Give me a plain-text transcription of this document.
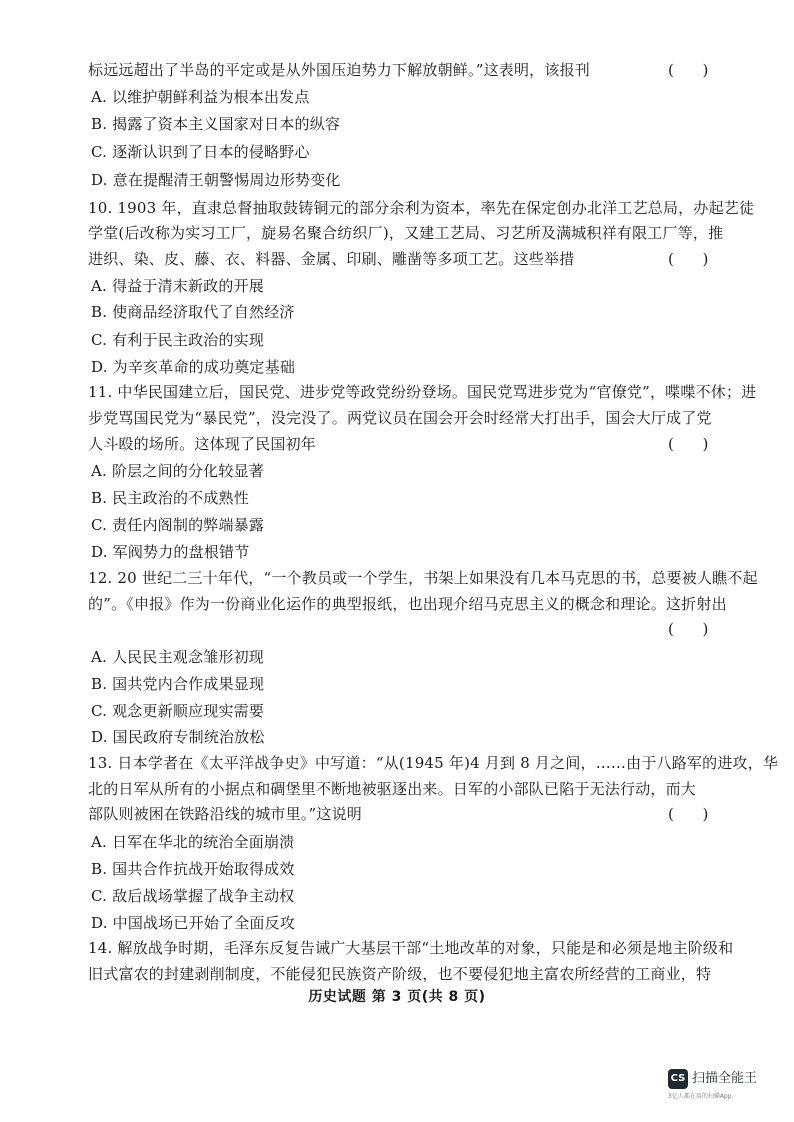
标远远超出了半岛的平定或是从外国压迫势力下解放朝鲜。”这表明，该报刊	(      )
A. 以维护朝鲜利益为根本出发点
B. 揭露了资本主义国家对日本的纵容
C. 逐渐认识到了日本的侵略野心
D. 意在提醒清王朝警惕周边形势变化
10. 1903 年，直隶总督抽取鼓铸铜元的部分余利为资本，率先在保定创办北洋工艺总局，办起艺徒
学堂(后改称为实习工厂，旋易名聚合纺织厂)，又建工艺局、习艺所及满城积祥有限工厂等，推
进织、染、皮、藤、衣、料器、金属、印刷、雕凿等多项工艺。这些举措	(      )
A. 得益于清末新政的开展
B. 使商品经济取代了自然经济
C. 有利于民主政治的实现
D. 为辛亥革命的成功奠定基础
11. 中华民国建立后，国民党、进步党等政党纷纷登场。国民党骂进步党为“官僚党”，喋喋不休；进
步党骂国民党为“暴民党”，没完没了。两党议员在国会开会时经常大打出手，国会大厅成了党
人斗殴的场所。这体现了民国初年	(      )
A. 阶层之间的分化较显著
B. 民主政治的不成熟性
C. 责任内阁制的弊端暴露
D. 军阀势力的盘根错节
12. 20 世纪二三十年代，“一个教员或一个学生，书架上如果没有几本马克思的书，总要被人瞧不起
的”。《申报》作为一份商业化运作的典型报纸，也出现介绍马克思主义的概念和理论。这折射出
(      )
A. 人民民主观念雏形初现
B. 国共党内合作成果显现
C. 观念更新顺应现实需要
D. 国民政府专制统治放松
13. 日本学者在《太平洋战争史》中写道：“从(1945 年)4 月到 8 月之间，……由于八路军的进攻，华
北的日军从所有的小据点和碉堡里不断地被驱逐出来。日军的小部队已陷于无法行动，而大
部队则被困在铁路沿线的城市里。”这说明	(      )
A. 日军在华北的统治全面崩溃
B. 国共合作抗战开始取得成效
C. 敌后战场掌握了战争主动权
D. 中国战场已开始了全面反攻
14. 解放战争时期，毛泽东反复告诫广大基层干部“土地改革的对象，只能是和必须是地主阶级和
旧式富农的封建剥削制度，不能侵犯民族资产阶级，也不要侵犯地主富农所经营的工商业，特
历史试题 第 3 页(共 8 页)
CS 扫描全能王
3亿人都在用的扫描App
